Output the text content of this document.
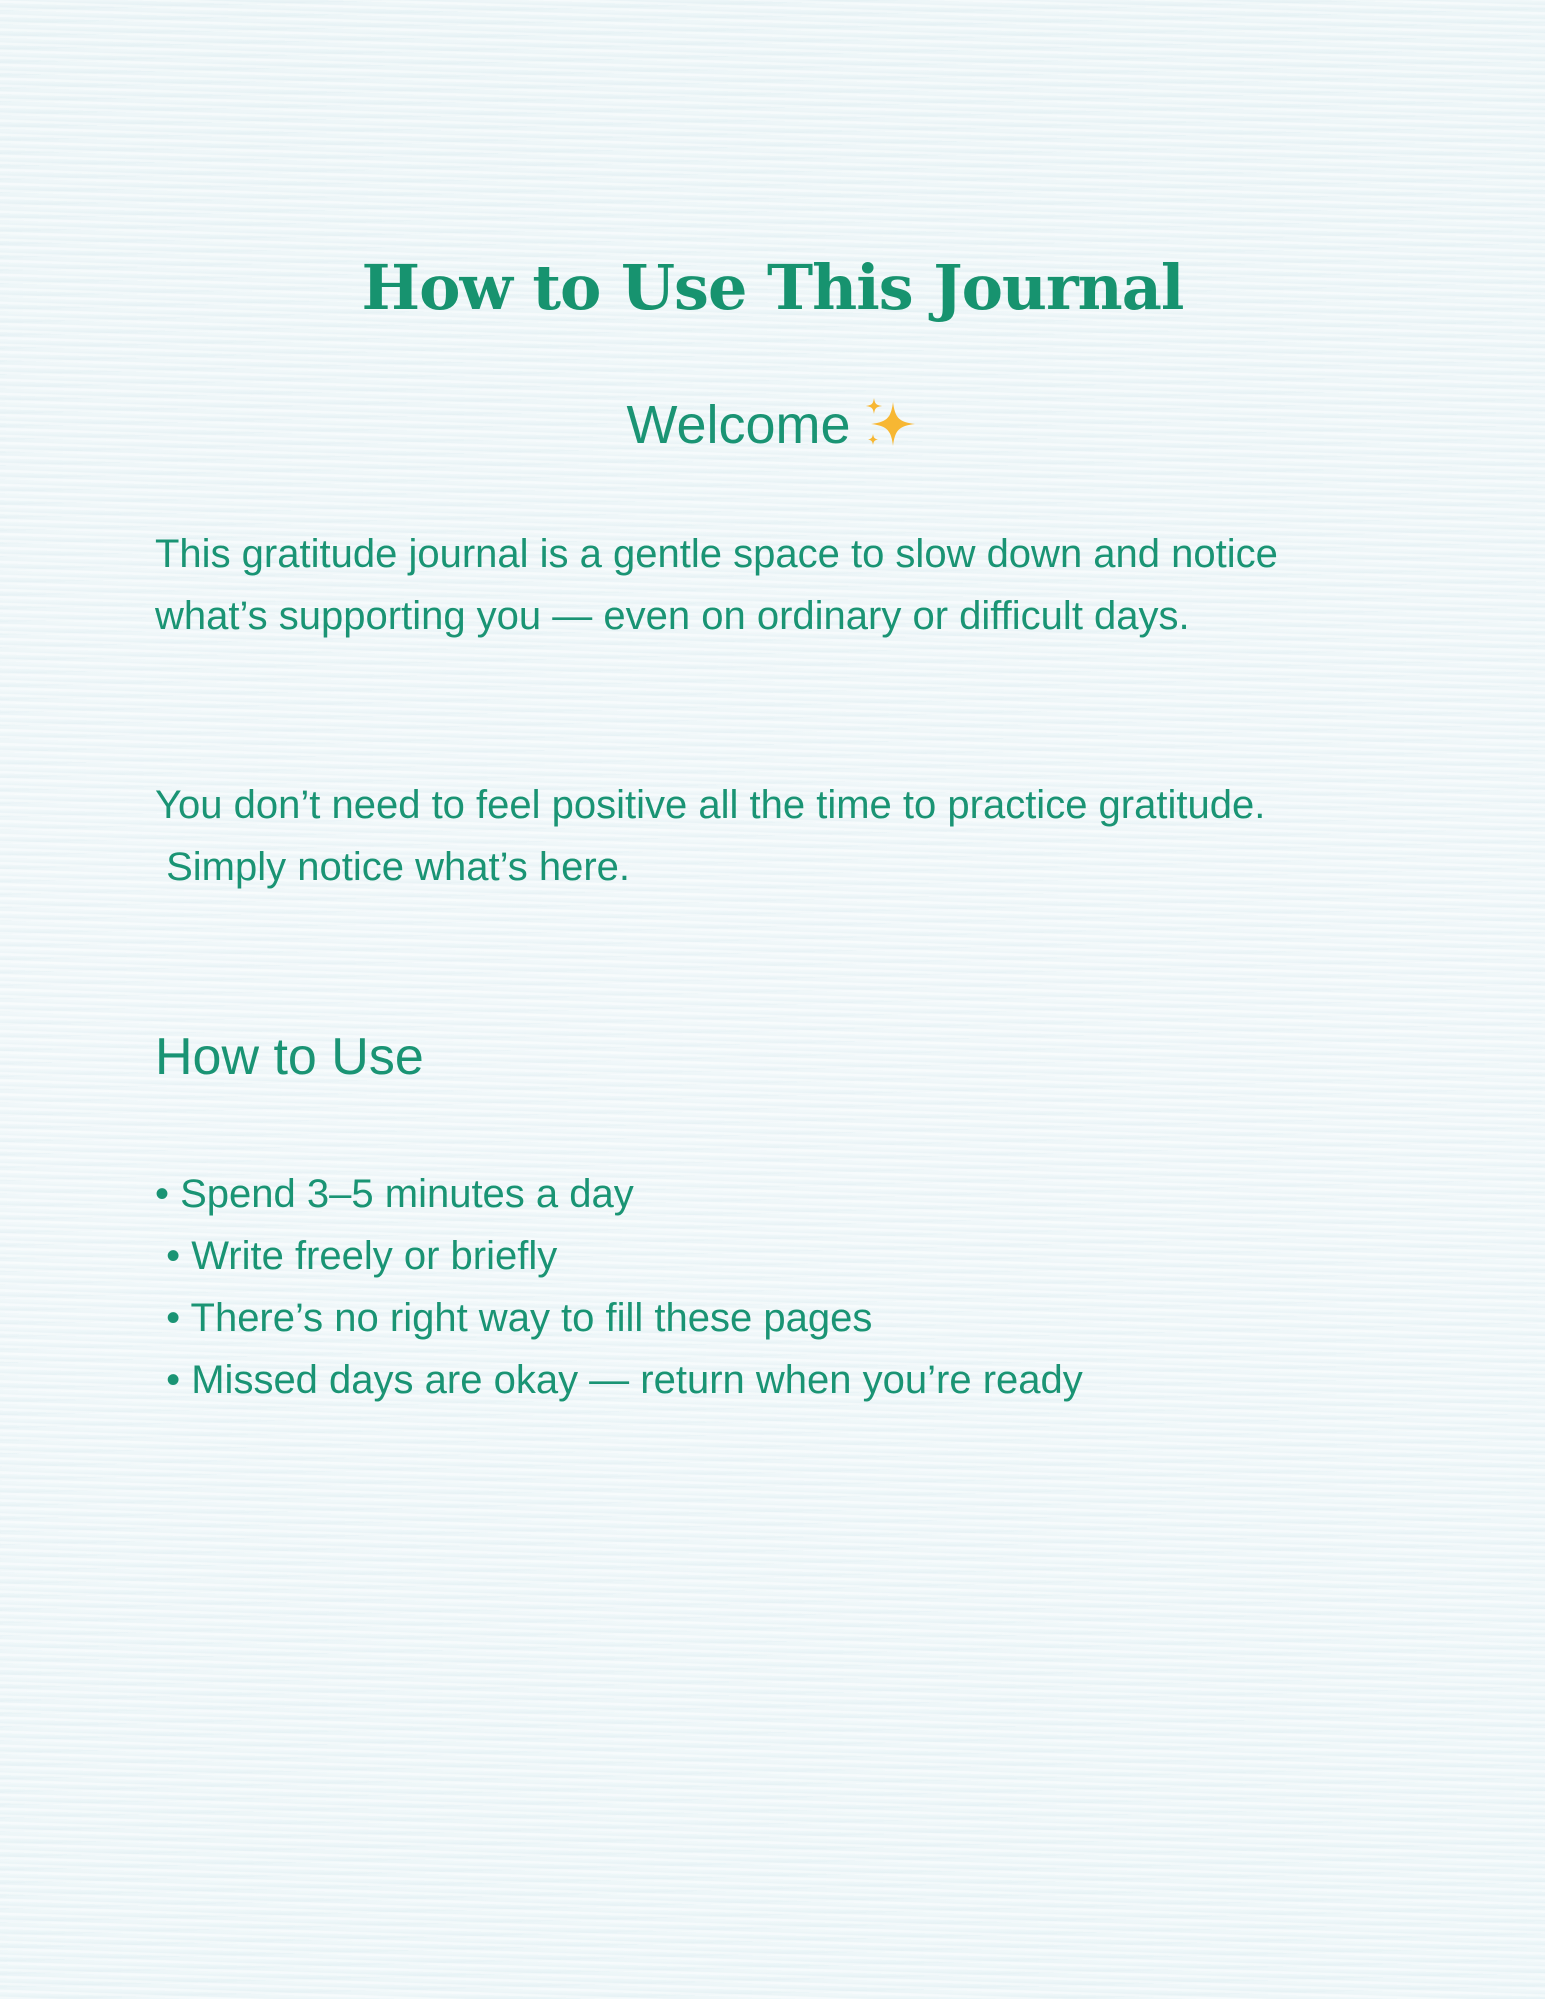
How to Use This Journal
Welcome

This gratitude journal is a gentle space to slow down and notice what’s supporting you — even on ordinary or difficult days.

You don’t need to feel positive all the time to practice gratitude.
Simply notice what’s here.

How to Use
• Spend 3–5 minutes a day
• Write freely or briefly
• There’s no right way to fill these pages
• Missed days are okay — return when you’re ready
